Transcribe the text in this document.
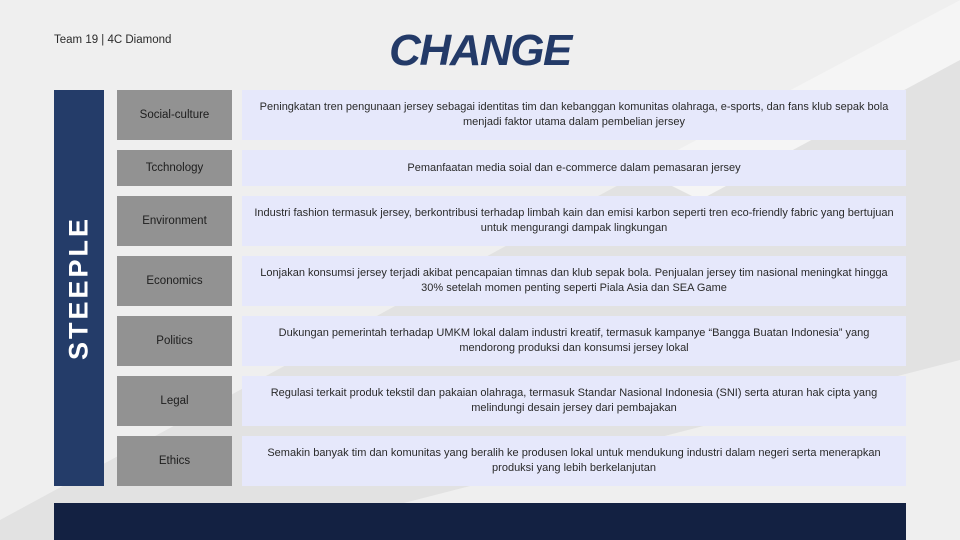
Team 19 | 4C Diamond	CHANGE
STEEPLE
Social-culture
Peningkatan tren pengunaan jersey sebagai identitas tim dan kebanggan komunitas olahraga, e-sports, dan fans klub sepak bola menjadi faktor utama dalam pembelian jersey
Tcchnology	Pemanfaatan media soial dan e-commerce dalam pemasaran jersey
Environment
Industri fashion termasuk jersey, berkontribusi terhadap limbah kain dan emisi karbon seperti tren eco-friendly fabric yang bertujuan untuk mengurangi dampak lingkungan
Economics
Lonjakan konsumsi jersey terjadi akibat pencapaian timnas dan klub sepak bola. Penjualan jersey tim nasional meningkat hingga 30% setelah momen penting seperti Piala Asia dan SEA Game
Politics
Dukungan pemerintah terhadap UMKM lokal dalam industri kreatif, termasuk kampanye “Bangga Buatan Indonesia” yang mendorong produksi dan konsumsi jersey lokal
Legal
Regulasi terkait produk tekstil dan pakaian olahraga, termasuk Standar Nasional Indonesia (SNI) serta aturan hak cipta yang melindungi desain jersey dari pembajakan
Ethics
Semakin banyak tim dan komunitas yang beralih ke produsen lokal untuk mendukung industri dalam negeri serta menerapkan produksi yang lebih berkelanjutan
